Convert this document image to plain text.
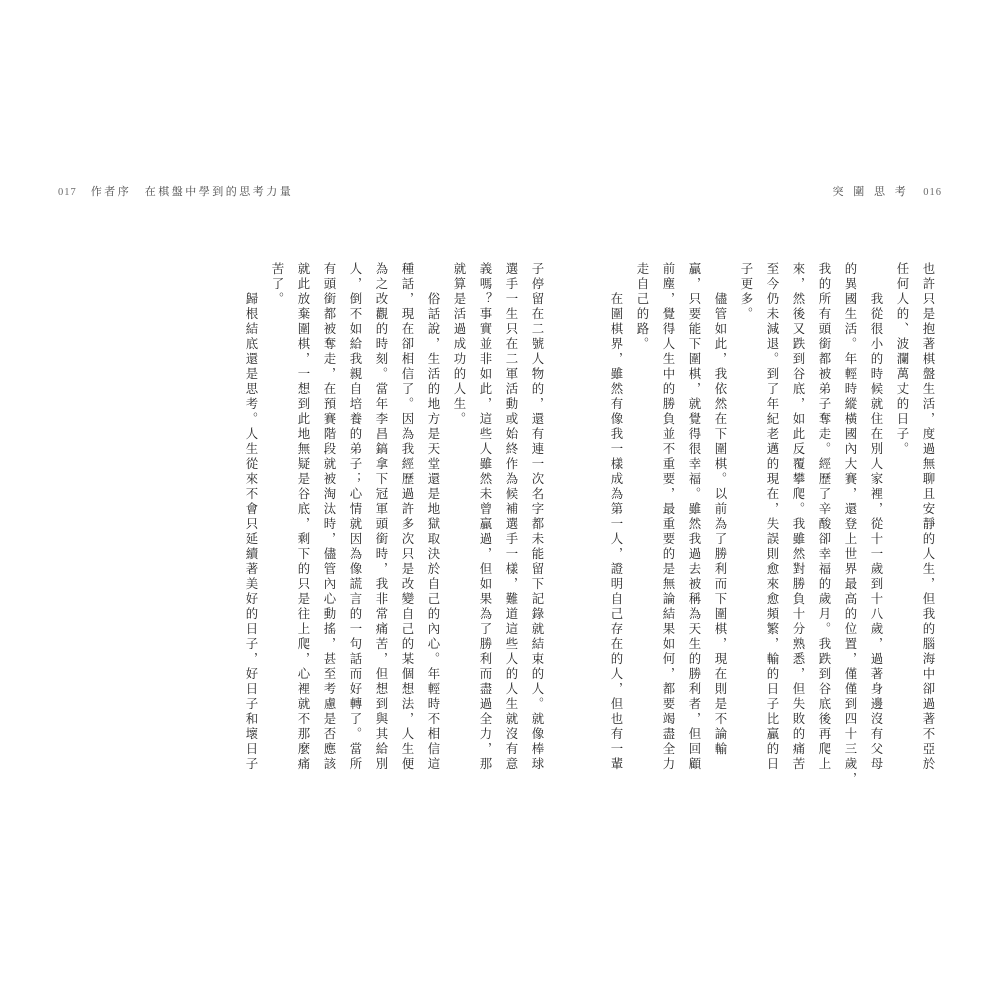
017 作者序　在棋盤中學到的思考力量	突 圍 思 考 016
也許只是抱著棋盤生活，度過無聊且安靜的人生，但我的腦海中卻過著不亞於
任何人的、波瀾萬丈的日子。
　　我從很小的時候就住在別人家裡，從十一歲到十八歲，過著身邊沒有父母
的異國生活。年輕時縱橫國內大賽，還登上世界最高的位置，僅僅到四十三歲，
我的所有頭銜都被弟子奪走。經歷了辛酸卻幸福的歲月。我跌到谷底後再爬上
來，然後又跌到谷底，如此反覆攀爬。我雖然對勝負十分熟悉，但失敗的痛苦
至今仍未減退。到了年紀老邁的現在，失誤則愈來愈頻繁，輸的日子比贏的日
子更多。
　　儘管如此，我依然在下圍棋。以前為了勝利而下圍棋，現在則是不論輸
贏，只要能下圍棋，就覺得很幸福。雖然我過去被稱為天生的勝利者，但回顧
前塵，覺得人生中的勝負並不重要，最重要的是無論結果如何，都要竭盡全力
走自己的路。
　　在圍棋界，雖然有像我一樣成為第一人，證明自己存在的人，但也有一輩
子停留在二號人物的，還有連一次名字都未能留下記錄就結束的人。就像棒球
選手一生只在二軍活動或始終作為候補選手一樣，難道這些人的人生就沒有意
義嗎？事實並非如此，這些人雖然未曾贏過，但如果為了勝利而盡過全力，那
就算是活過成功的人生。
　　俗話說，生活的地方是天堂還是地獄取決於自己的內心。年輕時不相信這
種話，現在卻相信了。因為我經歷過許多次只是改變自己的某個想法，人生便
為之改觀的時刻。當年李昌鎬拿下冠軍頭銜時，我非常痛苦，但想到與其給別
人，倒不如給我親自培養的弟子；心情就因為像謊言的一句話而好轉了。當所
有頭銜都被奪走，在預賽階段就被淘汰時，儘管內心動搖，甚至考慮是否應該
就此放棄圍棋，一想到此地無疑是谷底，剩下的只是往上爬，心裡就不那麼痛
苦了。
　　歸根結底還是思考。人生從來不會只延續著美好的日子，好日子和壞日子
